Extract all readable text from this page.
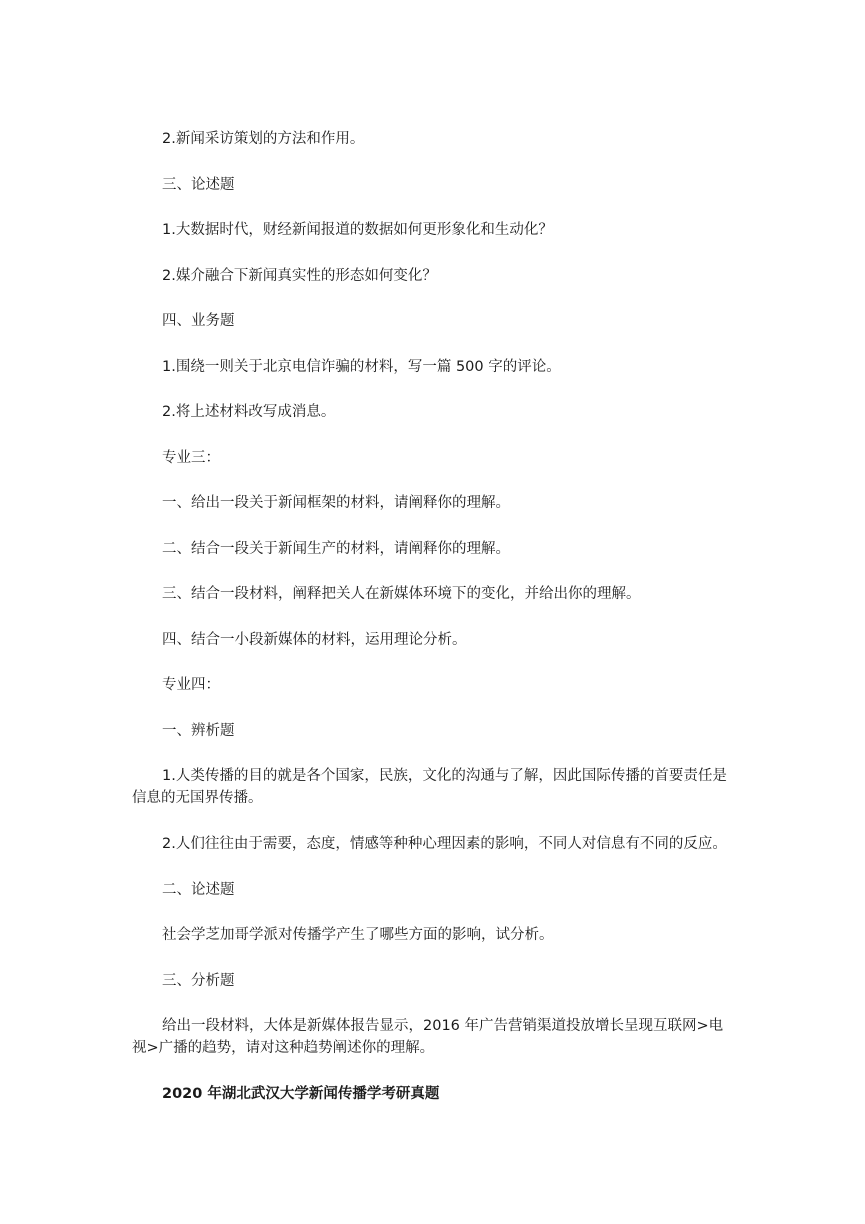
2.新闻采访策划的方法和作用。

三、论述题

1.大数据时代，财经新闻报道的数据如何更形象化和生动化？

2.媒介融合下新闻真实性的形态如何变化？

四、业务题

1.围绕一则关于北京电信诈骗的材料，写一篇 500 字的评论。

2.将上述材料改写成消息。

专业三：

一、给出一段关于新闻框架的材料，请阐释你的理解。

二、结合一段关于新闻生产的材料，请阐释你的理解。

三、结合一段材料，阐释把关人在新媒体环境下的变化，并给出你的理解。

四、结合一小段新媒体的材料，运用理论分析。

专业四：

一、辨析题

1.人类传播的目的就是各个国家，民族，文化的沟通与了解，因此国际传播的首要责任是信息的无国界传播。

2.人们往往由于需要，态度，情感等种种心理因素的影响，不同人对信息有不同的反应。

二、论述题

社会学芝加哥学派对传播学产生了哪些方面的影响，试分析。

三、分析题

给出一段材料，大体是新媒体报告显示，2016 年广告营销渠道投放增长呈现互联网>电视>广播的趋势，请对这种趋势阐述你的理解。

2020 年湖北武汉大学新闻传播学考研真题
